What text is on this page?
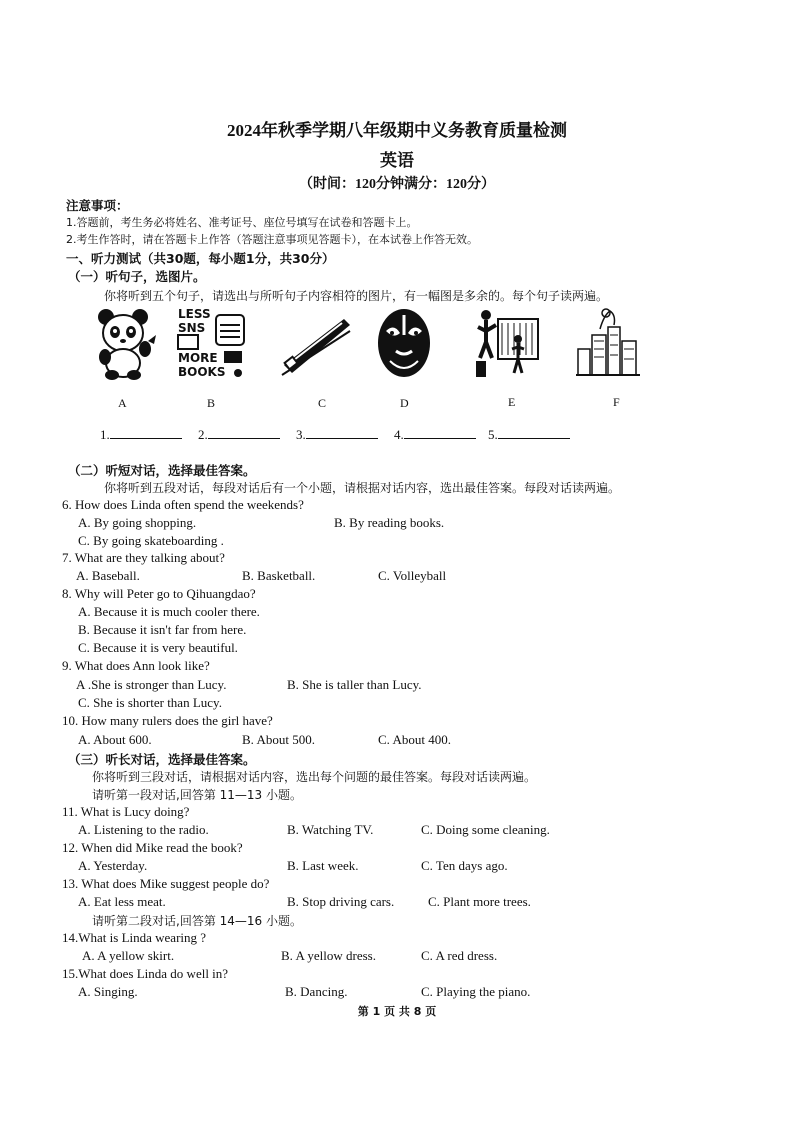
2024年秋季学期八年级期中义务教育质量检测
英语
（时间：120分钟满分：120分）
注意事项：
1.答题前，考生务必将姓名、准考证号、座位号填写在试卷和答题卡上。
2.考生作答时，请在答题卡上作答（答题注意事项见答题卡），在本试卷上作答无效。
一、听力测试（共30题，每小题1分，共30分）
（一）听句子，选图片。
你将听到五个句子，请选出与所听句子内容相符的图片，有一幅图是多余的。每个句子读两遍。
LESS
SNS
MORE
BOOKS
A	B	C	D	E	F
1.	2.	3.	4.	5.
（二）听短对话，选择最佳答案。
你将听到五段对话，每段对话后有一个小题，请根据对话内容，选出最佳答案。每段对话读两遍。
6. How does Linda often spend the weekends?
A. By going shopping.	B. By reading books.
C. By going skateboarding .
7. What are they talking about?
A. Baseball.	B. Basketball.	C. Volleyball
8. Why will Peter go to Qihuangdao?
A. Because it is much cooler there.
B. Because it isn't far from here.
C. Because it is very beautiful.
9. What does Ann look like?
A .She is stronger than Lucy.	B. She is taller than Lucy.
C. She is shorter than Lucy.
10. How many rulers does the girl have?
A. About 600.	B. About 500.	C. About 400.
（三）听长对话，选择最佳答案。
你将听到三段对话，请根据对话内容，选出每个问题的最佳答案。每段对话读两遍。
请听第一段对话,回答第 11—13 小题。
11. What is Lucy doing?
A. Listening to the radio.	B. Watching TV.	C. Doing some cleaning.
12. When did Mike read the book?
A. Yesterday.	B. Last week.	C. Ten days ago.
13. What does Mike suggest people do?
A. Eat less meat.	B. Stop driving cars.	C. Plant more trees.
请听第二段对话,回答第 14—16 小题。
14.What is Linda wearing ?
A. A yellow skirt.	B. A yellow dress.	C. A red dress.
15.What does Linda do well in?
A. Singing.	B. Dancing.	C. Playing the piano.
第 1 页 共 8 页
